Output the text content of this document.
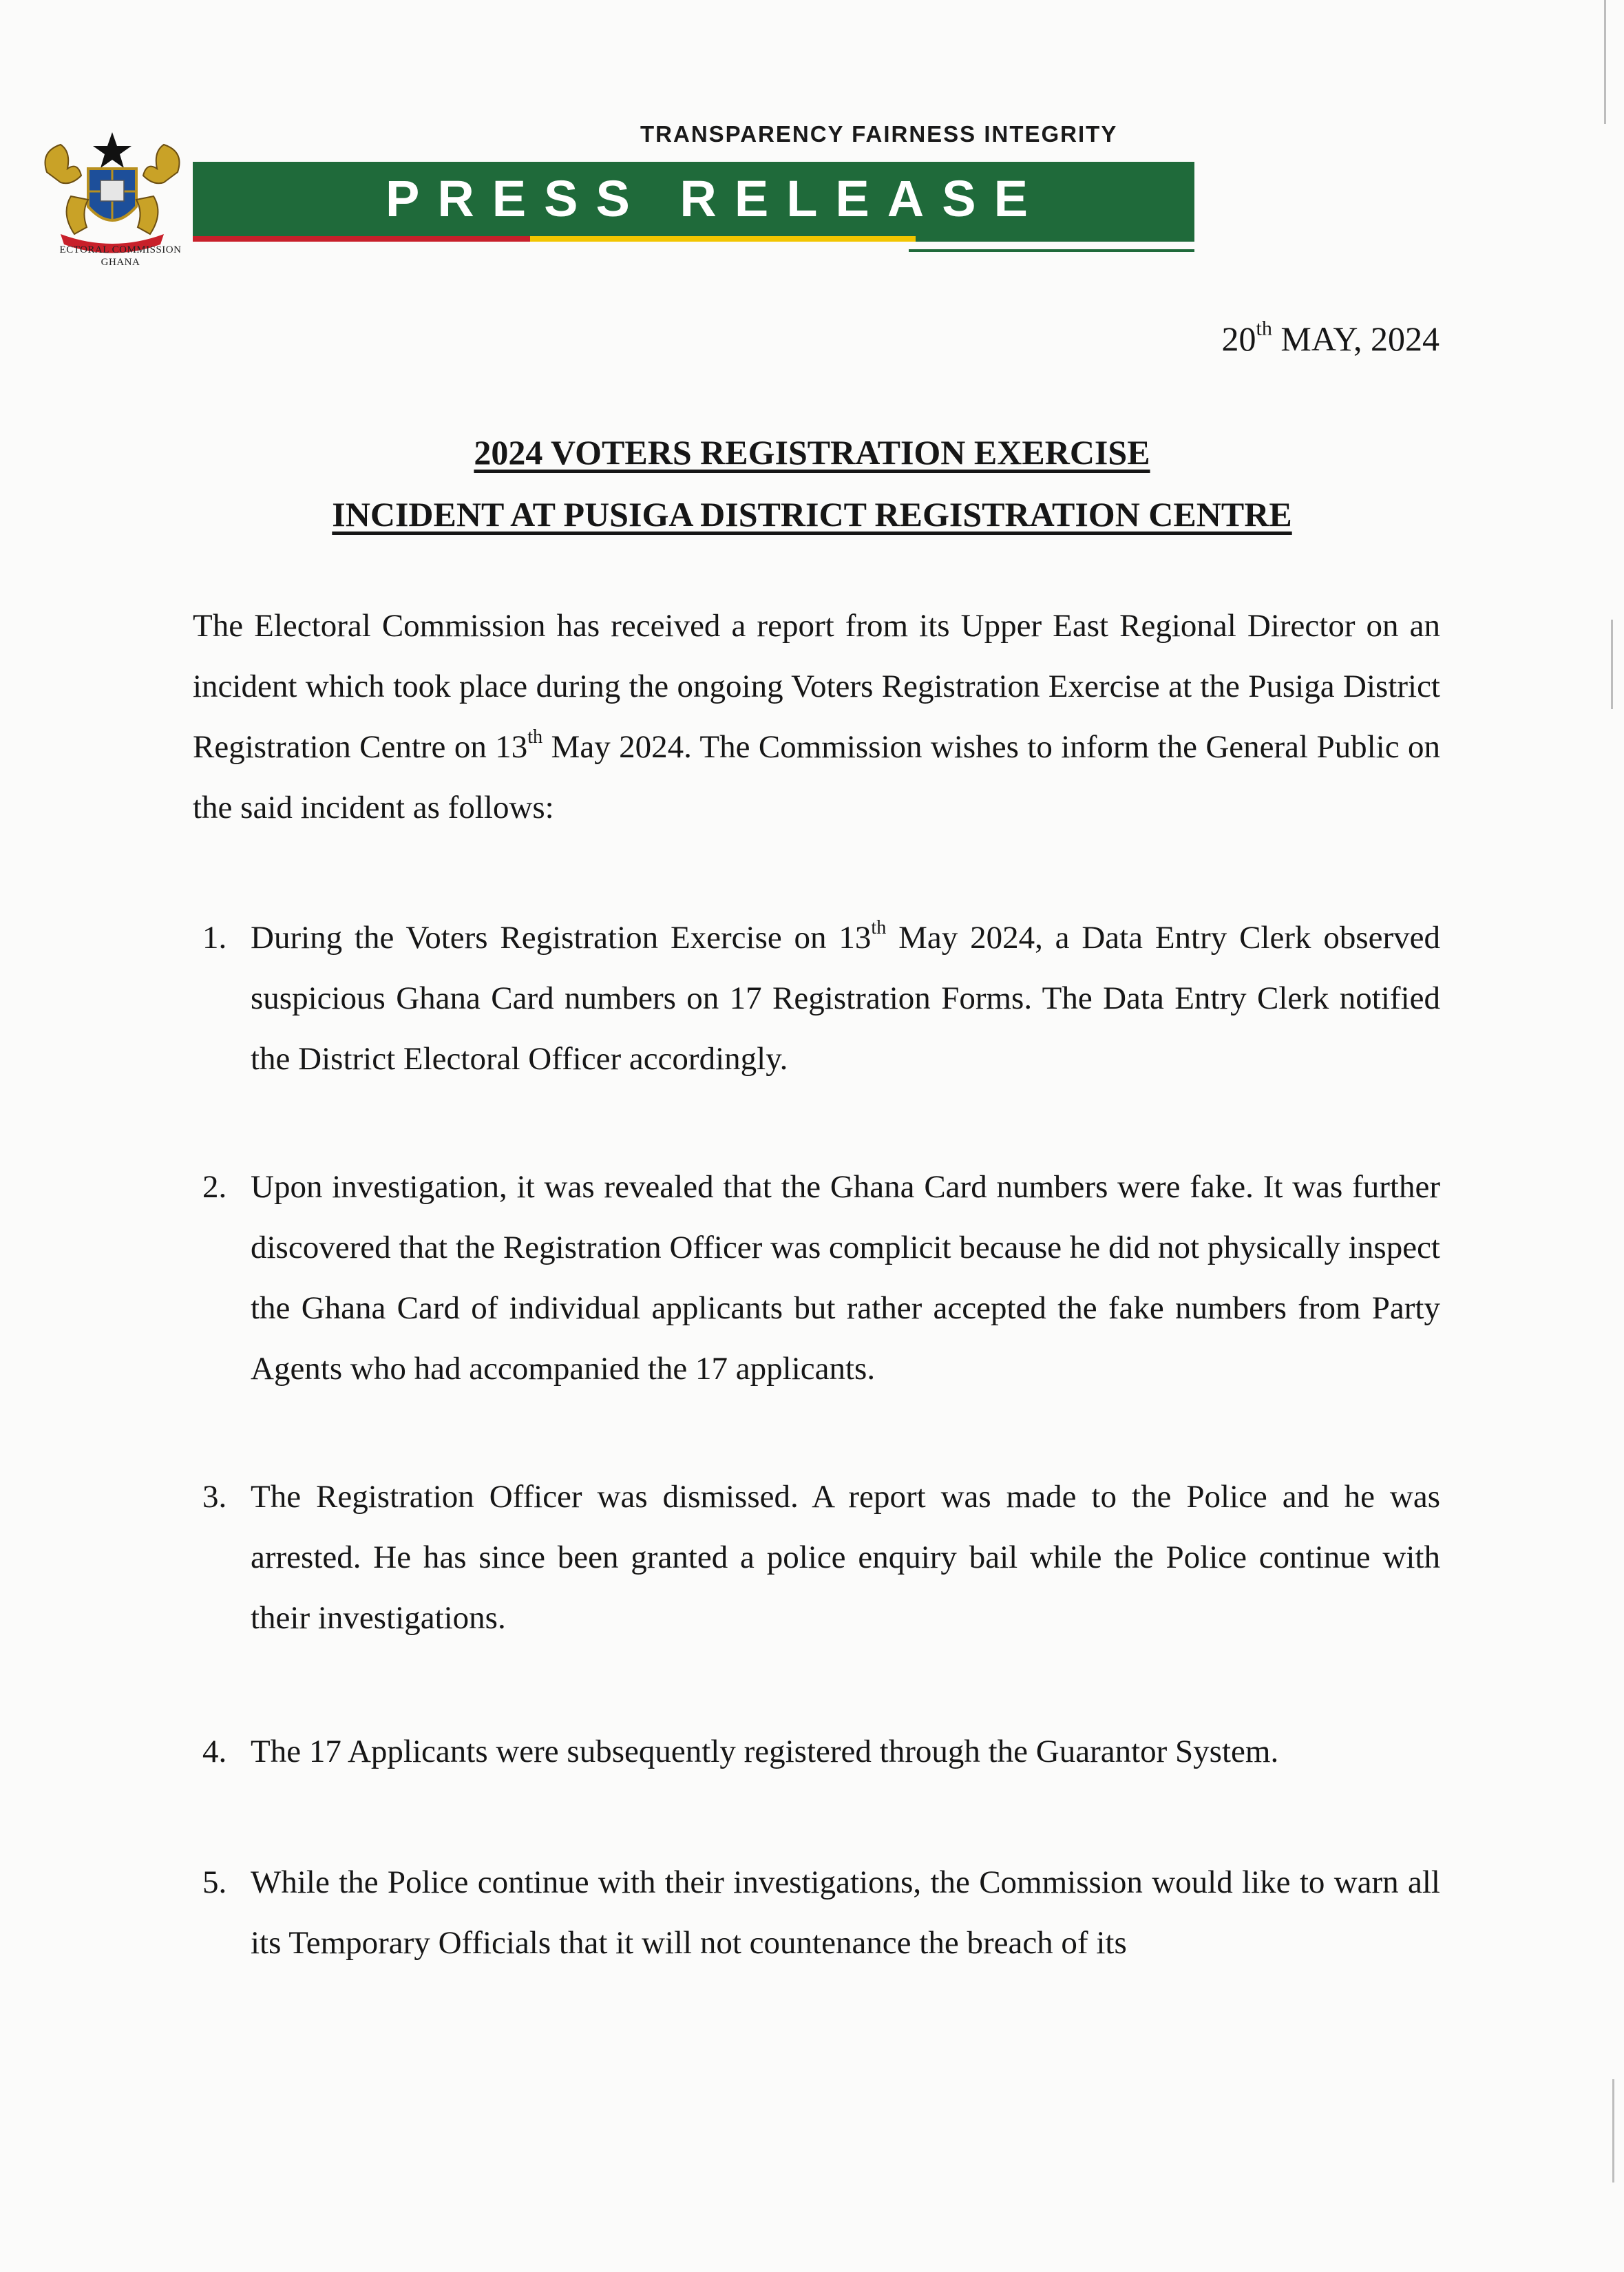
ECTORAL COMMISSION
GHANA
TRANSPARENCY FAIRNESS INTEGRITY
PRESS RELEASE
20th MAY, 2024
2024 VOTERS REGISTRATION EXERCISE
INCIDENT AT PUSIGA DISTRICT REGISTRATION CENTRE
The Electoral Commission has received a report from its Upper East Regional Director on an incident which took place during the ongoing Voters Registration Exercise at the Pusiga District Registration Centre on 13th May 2024. The Commission wishes to inform the General Public on the said incident as follows:
1. During the Voters Registration Exercise on 13th May 2024, a Data Entry Clerk observed suspicious Ghana Card numbers on 17 Registration Forms. The Data Entry Clerk notified the District Electoral Officer accordingly.
2. Upon investigation, it was revealed that the Ghana Card numbers were fake. It was further discovered that the Registration Officer was complicit because he did not physically inspect the Ghana Card of individual applicants but rather accepted the fake numbers from Party Agents who had accompanied the 17 applicants.
3. The Registration Officer was dismissed. A report was made to the Police and he was arrested. He has since been granted a police enquiry bail while the Police continue with their investigations.
4. The 17 Applicants were subsequently registered through the Guarantor System.
5. While the Police continue with their investigations, the Commission would like to warn all its Temporary Officials that it will not countenance the breach of its
